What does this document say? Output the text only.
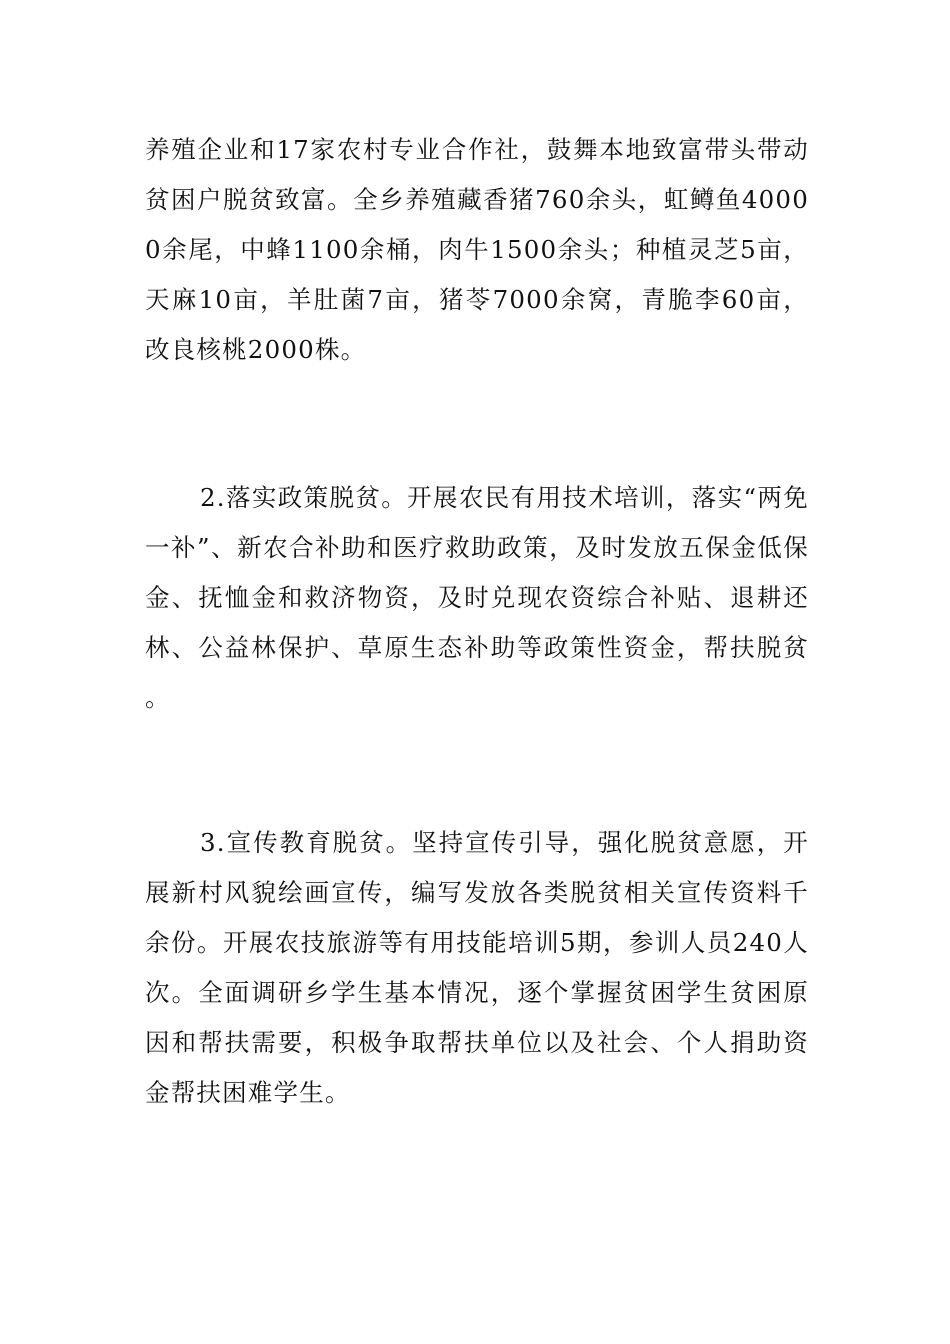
养殖企业和17家农村专业合作社，鼓舞本地致富带头带动贫困户脱贫致富。全乡养殖藏香猪760余头，虹鳟鱼40000余尾，中蜂1100余桶，肉牛1500余头；种植灵芝5亩，天麻10亩，羊肚菌7亩，猪苓7000余窝，青脆李60亩，改良核桃2000株。

2.落实政策脱贫。开展农民有用技术培训，落实“两免一补”、新农合补助和医疗救助政策，及时发放五保金低保金、抚恤金和救济物资，及时兑现农资综合补贴、退耕还林、公益林保护、草原生态补助等政策性资金，帮扶脱贫。

3.宣传教育脱贫。坚持宣传引导，强化脱贫意愿，开展新村风貌绘画宣传，编写发放各类脱贫相关宣传资料千余份。开展农技旅游等有用技能培训5期，参训人员240人次。全面调研乡学生基本情况，逐个掌握贫困学生贫困原因和帮扶需要，积极争取帮扶单位以及社会、个人捐助资金帮扶困难学生。
